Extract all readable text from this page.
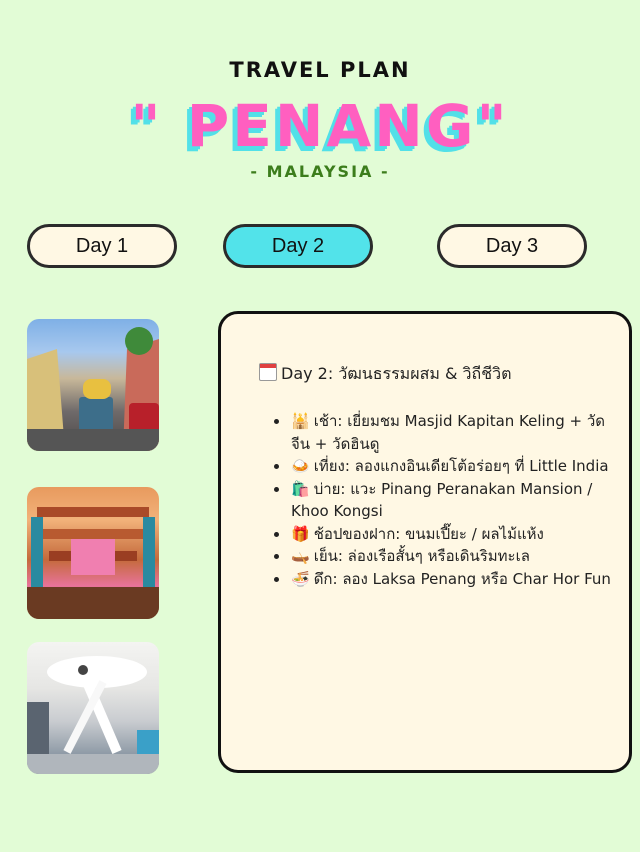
TRAVEL PLAN
" PENANG"
- MALAYSIA -
Day 1	Day 2	Day 3
Day 2: วัฒนธรรมผสม & วิถีชีวิต
• 🕌 เช้า: เยี่ยมชม Masjid Kapitan Keling + วัดจีน + วัดฮินดู
• 🍛 เที่ยง: ลองแกงอินเดียโต้อร่อยๆ ที่ Little India
• 🛍️ บ่าย: แวะ Pinang Peranakan Mansion / Khoo Kongsi
• 🎁 ช้อปของฝาก: ขนมเปี๊ยะ / ผลไม้แห้ง
• 🛶 เย็น: ล่องเรือสั้นๆ หรือเดินริมทะเล
• 🍜 ดึก: ลอง Laksa Penang หรือ Char Hor Fun
